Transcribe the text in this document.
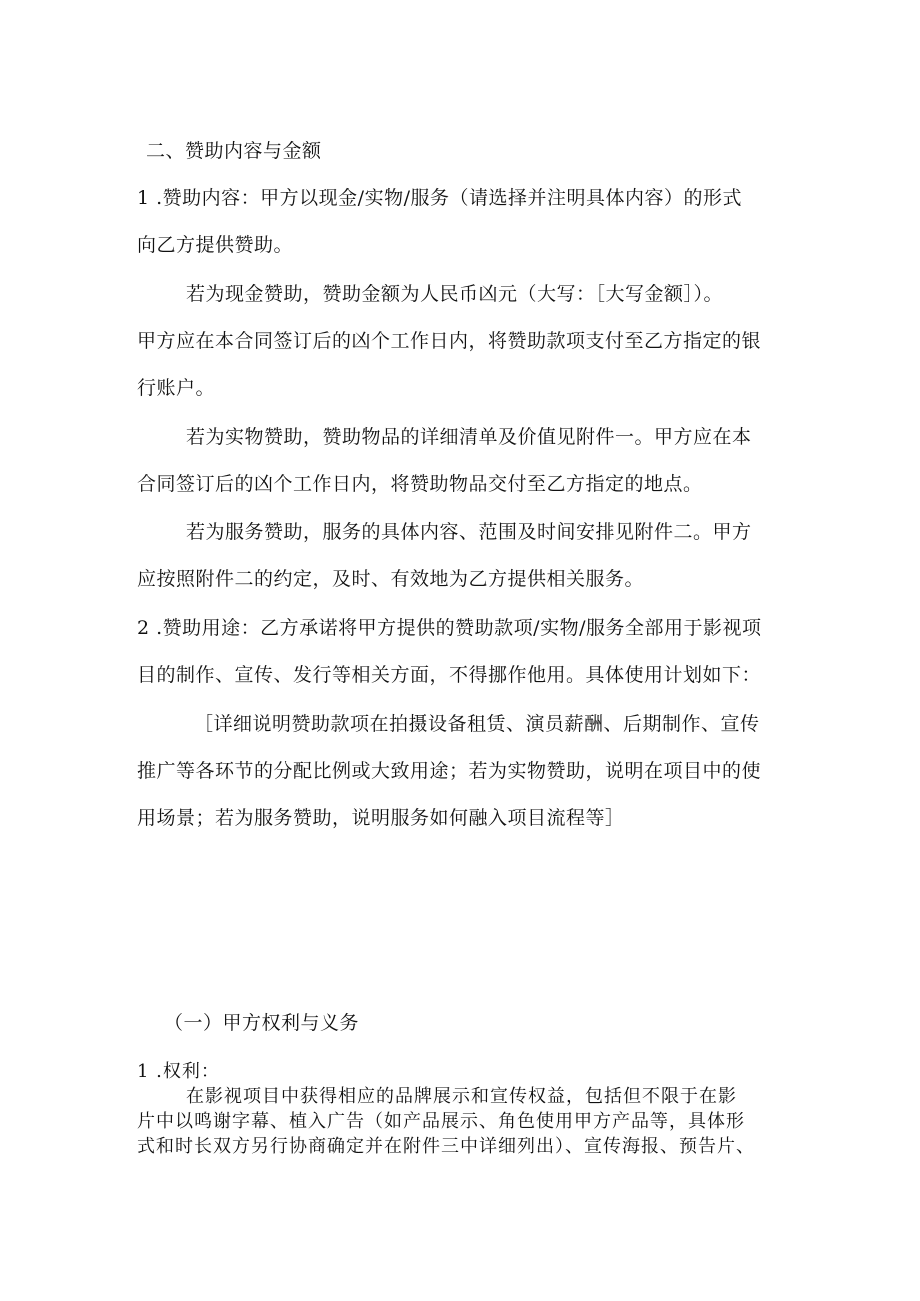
二、赞助内容与金额
1 .赞助内容：甲方以现金/实物/服务（请选择并注明具体内容）的形式
向乙方提供赞助。
若为现金赞助，赞助金额为人民币凶元（大写：［大写金额］）。
甲方应在本合同签订后的凶个工作日内，将赞助款项支付至乙方指定的银
行账户。
若为实物赞助，赞助物品的详细清单及价值见附件一。甲方应在本
合同签订后的凶个工作日内，将赞助物品交付至乙方指定的地点。
若为服务赞助，服务的具体内容、范围及时间安排见附件二。甲方
应按照附件二的约定，及时、有效地为乙方提供相关服务。
2 .赞助用途：乙方承诺将甲方提供的赞助款项/实物/服务全部用于影视项
目的制作、宣传、发行等相关方面，不得挪作他用。具体使用计划如下：
［详细说明赞助款项在拍摄设备租赁、演员薪酬、后期制作、宣传
推广等各环节的分配比例或大致用途；若为实物赞助，说明在项目中的使
用场景；若为服务赞助，说明服务如何融入项目流程等］
（一）甲方权利与义务
1 .权利：
在影视项目中获得相应的品牌展示和宣传权益，包括但不限于在影
片中以鸣谢字幕、植入广告（如产品展示、角色使用甲方产品等，具体形
式和时长双方另行协商确定并在附件三中详细列出）、宣传海报、预告片、
